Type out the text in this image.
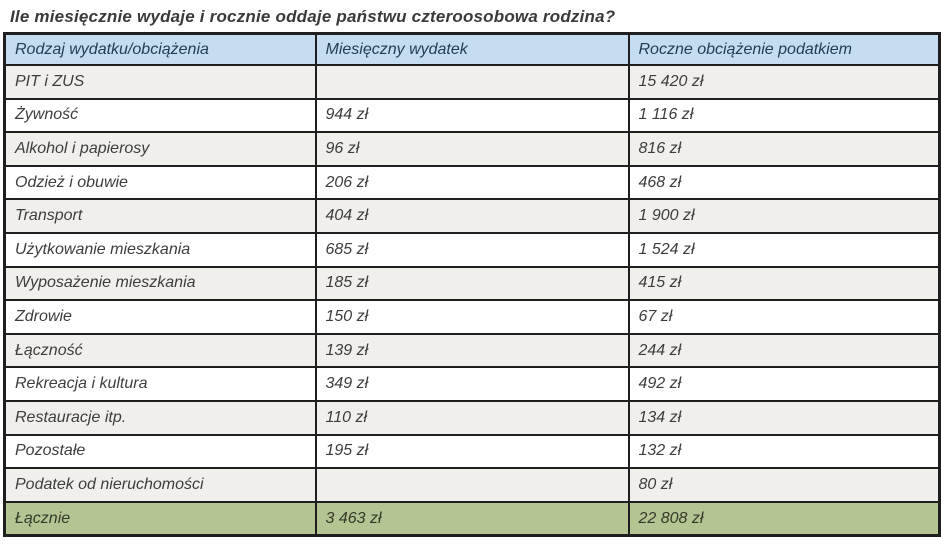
Ile miesięcznie wydaje i rocznie oddaje państwu czteroosobowa rodzina?
Rodzaj wydatku/obciążenia	Miesięczny wydatek	Roczne obciążenie podatkiem
PIT i ZUS		15 420 zł
Żywność	944 zł	1 116 zł
Alkohol i papierosy	96 zł	816 zł
Odzież i obuwie	206 zł	468 zł
Transport	404 zł	1 900 zł
Użytkowanie mieszkania	685 zł	1 524 zł
Wyposażenie mieszkania	185 zł	415 zł
Zdrowie	150 zł	67 zł
Łączność	139 zł	244 zł
Rekreacja i kultura	349 zł	492 zł
Restauracje itp.	110 zł	134 zł
Pozostałe	195 zł	132 zł
Podatek od nieruchomości		80 zł
Łącznie	3 463 zł	22 808 zł
